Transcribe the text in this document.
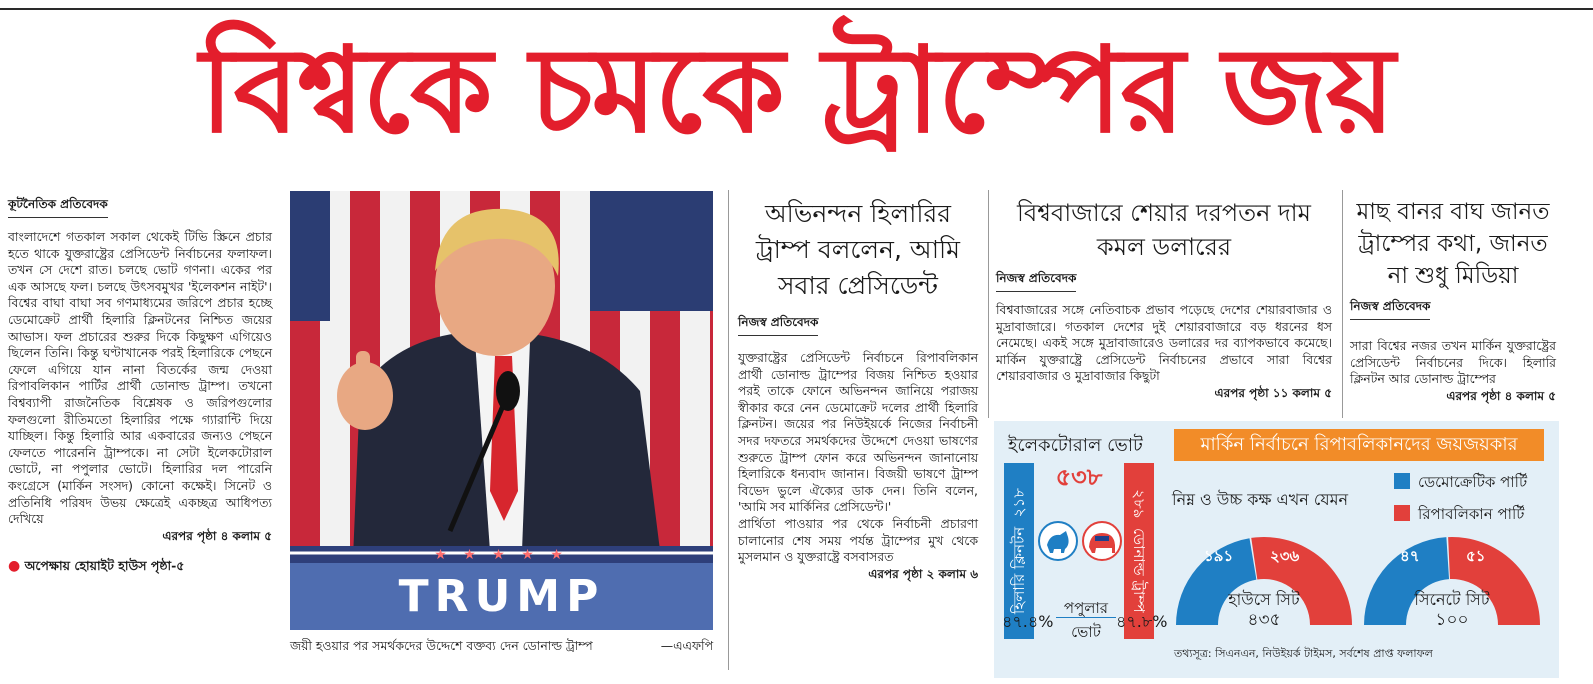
বিশ্বকে চমকে ট্রাম্পের জয়
কূটনৈতিক প্রতিবেদক
বাংলাদেশে গতকাল সকাল থেকেই টিভি স্ক্রিনে প্রচার হতে থাকে যুক্তরাষ্ট্রের প্রেসিডেন্ট নির্বাচনের ফলাফল। তখন সে দেশে রাত। চলছে ভোট গণনা। একের পর এক আসছে ফল। চলছে উৎসবমুখর 'ইলেকশন নাইট'। বিশ্বের বাঘা বাঘা সব গণমাধ্যমের জরিপে প্রচার হচ্ছে ডেমোক্রেট প্রার্থী হিলারি ক্লিনটনের নিশ্চিত জয়ের আভাস। ফল প্রচারের শুরুর দিকে কিছুক্ষণ এগিয়েও ছিলেন তিনি। কিন্তু ঘণ্টাখানেক পরই হিলারিকে পেছনে ফেলে এগিয়ে যান নানা বিতর্কের জন্ম দেওয়া রিপাবলিকান পার্টির প্রার্থী ডোনাল্ড ট্রাম্প। তখনো বিশ্বব্যাপী রাজনৈতিক বিশ্লেষক ও জরিপগুলোর ফলগুলো রীতিমতো হিলারির পক্ষে গ্যারান্টি দিয়ে যাচ্ছিল। কিন্তু হিলারি আর একবারের জন্যও পেছনে ফেলতে পারেননি ট্রাম্পকে। না সেটা ইলেকটোরাল ভোটে, না পপুলার ভোটে। হিলারির দল পারেনি কংগ্রেসে (মার্কিন সংসদ) কোনো কক্ষেই। সিনেট ও প্রতিনিধি পরিষদ উভয় ক্ষেত্রেই একচ্ছত্র আধিপত্য দেখিয়ে
এরপর পৃষ্ঠা ৪ কলাম ৫
● অপেক্ষায় হোয়াইট হাউস পৃষ্ঠা-৫
★ ★ ★ ★ ★
TRUMP
জয়ী হওয়ার পর সমর্থকদের উদ্দেশে বক্তব্য দেন ডোনাল্ড ট্রাম্প	—এএফপি
অভিনন্দন হিলারির ট্রাম্প বললেন, আমি সবার প্রেসিডেন্ট
নিজস্ব প্রতিবেদক
যুক্তরাষ্ট্রের প্রেসিডেন্ট নির্বাচনে রিপাবলিকান প্রার্থী ডোনাল্ড ট্রাম্পের বিজয় নিশ্চিত হওয়ার পরই তাকে ফোনে অভিনন্দন জানিয়ে পরাজয় স্বীকার করে নেন ডেমোক্রেট দলের প্রার্থী হিলারি ক্লিনটন। জয়ের পর নিউইয়র্কে নিজের নির্বাচনী সদর দফতরে সমর্থকদের উদ্দেশে দেওয়া ভাষণের শুরুতে ট্রাম্প ফোন করে অভিনন্দন জানানোয় হিলারিকে ধন্যবাদ জানান। বিজয়ী ভাষণে ট্রাম্প বিভেদ ভুলে ঐক্যের ডাক দেন। তিনি বলেন, 'আমি সব মার্কিনির প্রেসিডেন্ট।'
প্রার্থিতা পাওয়ার পর থেকে নির্বাচনী প্রচারণা চালানোর শেষ সময় পর্যন্ত ট্রাম্পের মুখ থেকে মুসলমান ও যুক্তরাষ্ট্রে বসবাসরত
এরপর পৃষ্ঠা ২ কলাম ৬
বিশ্ববাজারে শেয়ার দরপতন দাম কমল ডলারের
নিজস্ব প্রতিবেদক
বিশ্ববাজারের সঙ্গে নেতিবাচক প্রভাব পড়েছে দেশের শেয়ারবাজার ও মুদ্রাবাজারে। গতকাল দেশের দুই শেয়ারবাজারে বড় ধরনের ধস নেমেছে। একই সঙ্গে মুদ্রাবাজারেও ডলারের দর ব্যাপকভাবে কমেছে। মার্কিন যুক্তরাষ্ট্রে প্রেসিডেন্ট নির্বাচনের প্রভাবে সারা বিশ্বের শেয়ারবাজার ও মুদ্রাবাজার কিছুটা
এরপর পৃষ্ঠা ১১ কলাম ৫
মাছ বানর বাঘ জানত ট্রাম্পের কথা, জানত না শুধু মিডিয়া
নিজস্ব প্রতিবেদক
সারা বিশ্বের নজর তখন মার্কিন যুক্তরাষ্ট্রের প্রেসিডেন্ট নির্বাচনের দিকে। হিলারি ক্লিনটন আর ডোনাল্ড ট্রাম্পের
এরপর পৃষ্ঠা ৪ কলাম ৫
ইলেকটোরাল ভোট	মার্কিন নির্বাচনে রিপাবলিকানদের জয়জয়কার
হিলারি ক্লিনটন  ২১৮	২৮৯  ডোনাল্ড ট্রাম্প
৫৩৮
৪৭.৪%	৪৭.৮%
পপুলার
ভোট
নিম্ন ও উচ্চ কক্ষ এখন যেমন
ডেমোক্রেটিক পার্টি
রিপাবলিকান পার্টি
১৯১ ২৩৬
হাউসে সিট
৪৩৫
৪৭	৫১
সিনেটে সিট
১০০
তথ্যসূত্র: সিএনএন, নিউইয়র্ক টাইমস, সর্বশেষ প্রাপ্ত ফলাফল
